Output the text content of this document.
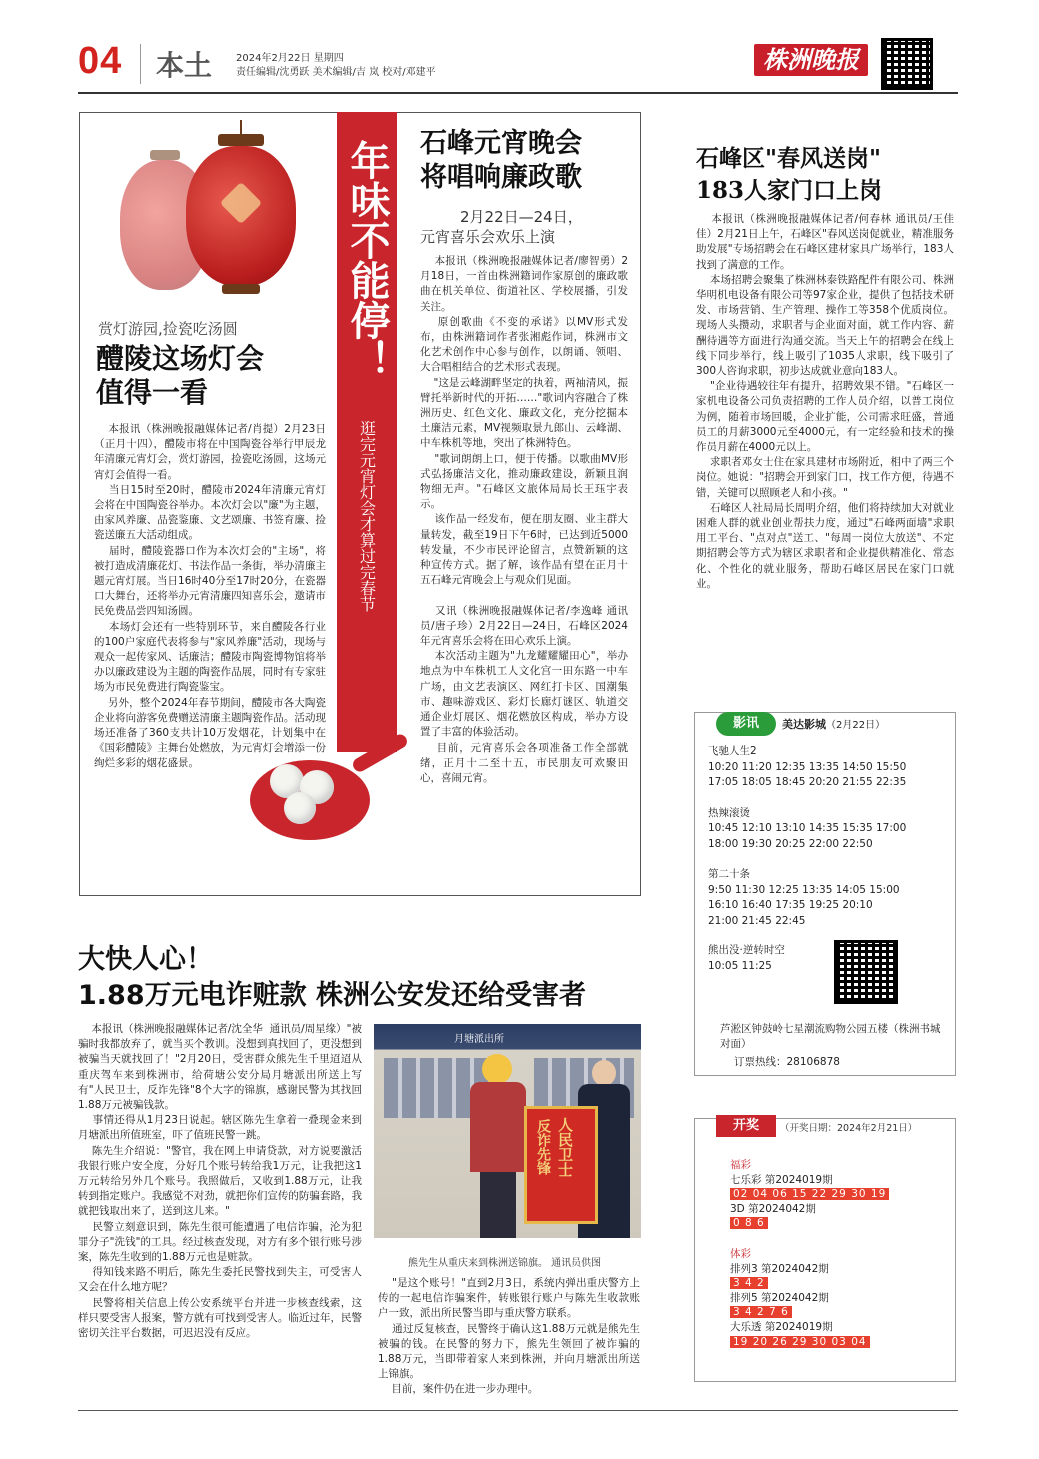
04 本土 2024年2月22日 星期四
责任编辑/沈勇跃 美术编辑/吉 岚 校对/邓建平	株洲晚报
赏灯游园,捡瓷吃汤圆
醴陵这场灯会
值得一看
本报讯（株洲晚报融媒体记者/肖提）2月23日（正月十四），醴陵市将在中国陶瓷谷举行甲辰龙年清廉元宵灯会，赏灯游园，捡瓷吃汤圆，这场元宵灯会值得一看。
当日15时至20时，醴陵市2024年清廉元宵灯会将在中国陶瓷谷举办。本次灯会以"廉"为主题，由家风养廉、品瓷鉴廉、文艺颂廉、书签育廉、捡瓷送廉五大活动组成。
届时，醴陵瓷器口作为本次灯会的"主场"，将被打造成清廉花灯、书法作品一条街，举办清廉主题元宵灯展。当日16时40分至17时20分，在瓷器口大舞台，还将举办元宵清廉四知喜乐会，邀请市民免费品尝四知汤圆。
本场灯会还有一些特别环节，来自醴陵各行业的100户家庭代表将参与"家风养廉"活动，现场与观众一起传家风、话廉洁；醴陵市陶瓷博物馆将举办以廉政建设为主题的陶瓷作品展，同时有专家驻场为市民免费进行陶瓷鉴宝。
另外，整个2024年春节期间，醴陵市各大陶瓷企业将向游客免费赠送清廉主题陶瓷作品。活动现场还准备了360支共计10万发烟花，计划集中在《国彩醴陵》主舞台处燃放，为元宵灯会增添一份绚烂多彩的烟花盛景。
年味不能停！
逛完元宵灯会才算过完春节
石峰元宵晚会
将唱响廉政歌
2月22日—24日，
元宵喜乐会欢乐上演
本报讯（株洲晚报融媒体记者/廖智勇）2月18日，一首由株洲籍词作家原创的廉政歌曲在机关单位、街道社区、学校展播，引发关注。
原创歌曲《不变的承诺》以MV形式发布，由株洲籍词作者张湘彪作词，株洲市文化艺术创作中心参与创作，以朗诵、领唱、大合唱相结合的艺术形式表现。
"这是云峰湖畔坚定的执着，两袖清风，振臂托举新时代的开拓……"歌词内容融合了株洲历史、红色文化、廉政文化，充分挖掘本土廉洁元素，MV视频取景九郎山、云峰湖、中车株机等地，突出了株洲特色。
"歌词朗朗上口，便于传播。以歌曲MV形式弘扬廉洁文化，推动廉政建设，新颖且润物细无声。"石峰区文旅体局局长王珏宇表示。
该作品一经发布，便在朋友圈、业主群大量转发，截至19日下午6时，已达到近5000转发量，不少市民评论留言，点赞新颖的这种宣传方式。据了解，该作品有望在正月十五石峰元宵晚会上与观众们见面。

又讯（株洲晚报融媒体记者/李逸峰 通讯员/唐子珍）2月22日—24日，石峰区2024年元宵喜乐会将在田心欢乐上演。
本次活动主题为"九龙耀耀耀田心"，举办地点为中车株机工人文化宫一田东路一中车广场，由文艺表演区、网红打卡区、国潮集市、趣味游戏区、彩灯长廊灯谜区、轨道交通企业灯展区、烟花燃放区构成，举办方设置了丰富的体验活动。
目前，元宵喜乐会各项准备工作全部就绪，正月十二至十五，市民朋友可欢聚田心，喜闹元宵。
石峰区"春风送岗"
183人家门口上岗
本报讯（株洲晚报融媒体记者/何春林 通讯员/王佳佳）2月21日上午，石峰区"春风送岗促就业，精准服务助发展"专场招聘会在石峰区建材家具广场举行，183人找到了满意的工作。
本场招聘会聚集了株洲林泰铁路配件有限公司、株洲华明机电设备有限公司等97家企业，提供了包括技术研发、市场营销、生产管理、操作工等358个优质岗位。现场人头攒动，求职者与企业面对面，就工作内容、薪酬待遇等方面进行沟通交流。当天上午的招聘会在线上线下同步举行，线上吸引了1035人求职，线下吸引了300人咨询求职，初步达成就业意向183人。
"企业待遇较往年有提升，招聘效果不错。"石峰区一家机电设备公司负责招聘的工作人员介绍，以普工岗位为例，随着市场回暖，企业扩能，公司需求旺盛，普通员工的月薪3000元至4000元，有一定经验和技术的操作员月薪在4000元以上。
求职者邓女士住在家具建材市场附近，相中了两三个岗位。她说："招聘会开到家门口，找工作方便，待遇不错，关键可以照顾老人和小孩。"
石峰区人社局局长周明介绍，他们将持续加大对就业困难人群的就业创业帮扶力度，通过"石峰两面墙"求职用工平台、"点对点"送工、"每周一岗位大放送"、不定期招聘会等方式为辖区求职者和企业提供精准化、常态化、个性化的就业服务，帮助石峰区居民在家门口就业。
影讯	美达影城（2月22日）
飞驰人生2
10:20 11:20 12:35 13:35 14:50 15:50
17:05 18:05 18:45 20:20 21:55 22:35
热辣滚烫
10:45 12:10 13:10 14:35 15:35 17:00
18:00 19:30 20:25 22:00 22:50
第二十条
9:50 11:30 12:25 13:35 14:05 15:00
16:10 16:40 17:35 19:25 20:10
21:00 21:45 22:45
熊出没·逆转时空
10:05 11:25
芦淞区钟鼓岭七星潮流购物公园五楼（株洲书城对面）
订票热线：28106878
开奖	（开奖日期：2024年2月21日）
福彩
七乐彩 第2024019期
02 04 06 15 22 29 30 19
3D 第2024042期
0 8 6
体彩
排列3 第2024042期
3 4 2
排列5 第2024042期
3 4 2 7 6
大乐透 第2024019期
19 20 26 29 30 03 04
大快人心！
1.88万元电诈赃款 株洲公安发还给受害者
本报讯（株洲晚报融媒体记者/沈全华  通讯员/周星缘）"被骗时我都放弃了，就当买个教训。没想到真找回了，更没想到被骗当天就找回了！"2月20日，受害群众熊先生千里迢迢从重庆驾车来到株洲市，给荷塘公安分局月塘派出所送上写有"人民卫士，反诈先锋"8个大字的锦旗，感谢民警为其找回1.88万元被骗钱款。
事情还得从1月23日说起。辖区陈先生拿着一叠现金来到月塘派出所值班室，吓了值班民警一跳。
陈先生介绍说："警官，我在网上申请贷款，对方说要激活我银行账户安全度，分好几个账号转给我1万元，让我把这1万元转给另外几个账号。我照做后，又收到1.88万元，让我转到指定账户。我感觉不对劲，就把你们宣传的防骗套路，我就把钱取出来了，送到这儿来。"
民警立刻意识到，陈先生很可能遭遇了电信诈骗，沦为犯罪分子"洗钱"的工具。经过核查发现，对方有多个银行账号涉案，陈先生收到的1.88万元也是赃款。
得知钱来路不明后，陈先生委托民警找到失主，可受害人又会在什么地方呢？
民警将相关信息上传公安系统平台并进一步核查线索，这样只要受害人报案，警方就有可找到受害人。临近过年，民警密切关注平台数据，可迟迟没有反应。
月塘派出所
人民卫士
反诈先锋
熊先生从重庆来到株洲送锦旗。 通讯员供图
"是这个账号！"直到2月3日，系统内弹出重庆警方上传的一起电信诈骗案件，转账银行账户与陈先生收款账户一致，派出所民警当即与重庆警方联系。
通过反复核查，民警终于确认这1.88万元就是熊先生被骗的钱。在民警的努力下，熊先生领回了被诈骗的1.88万元，当即带着家人来到株洲，并向月塘派出所送上锦旗。
目前，案件仍在进一步办理中。
